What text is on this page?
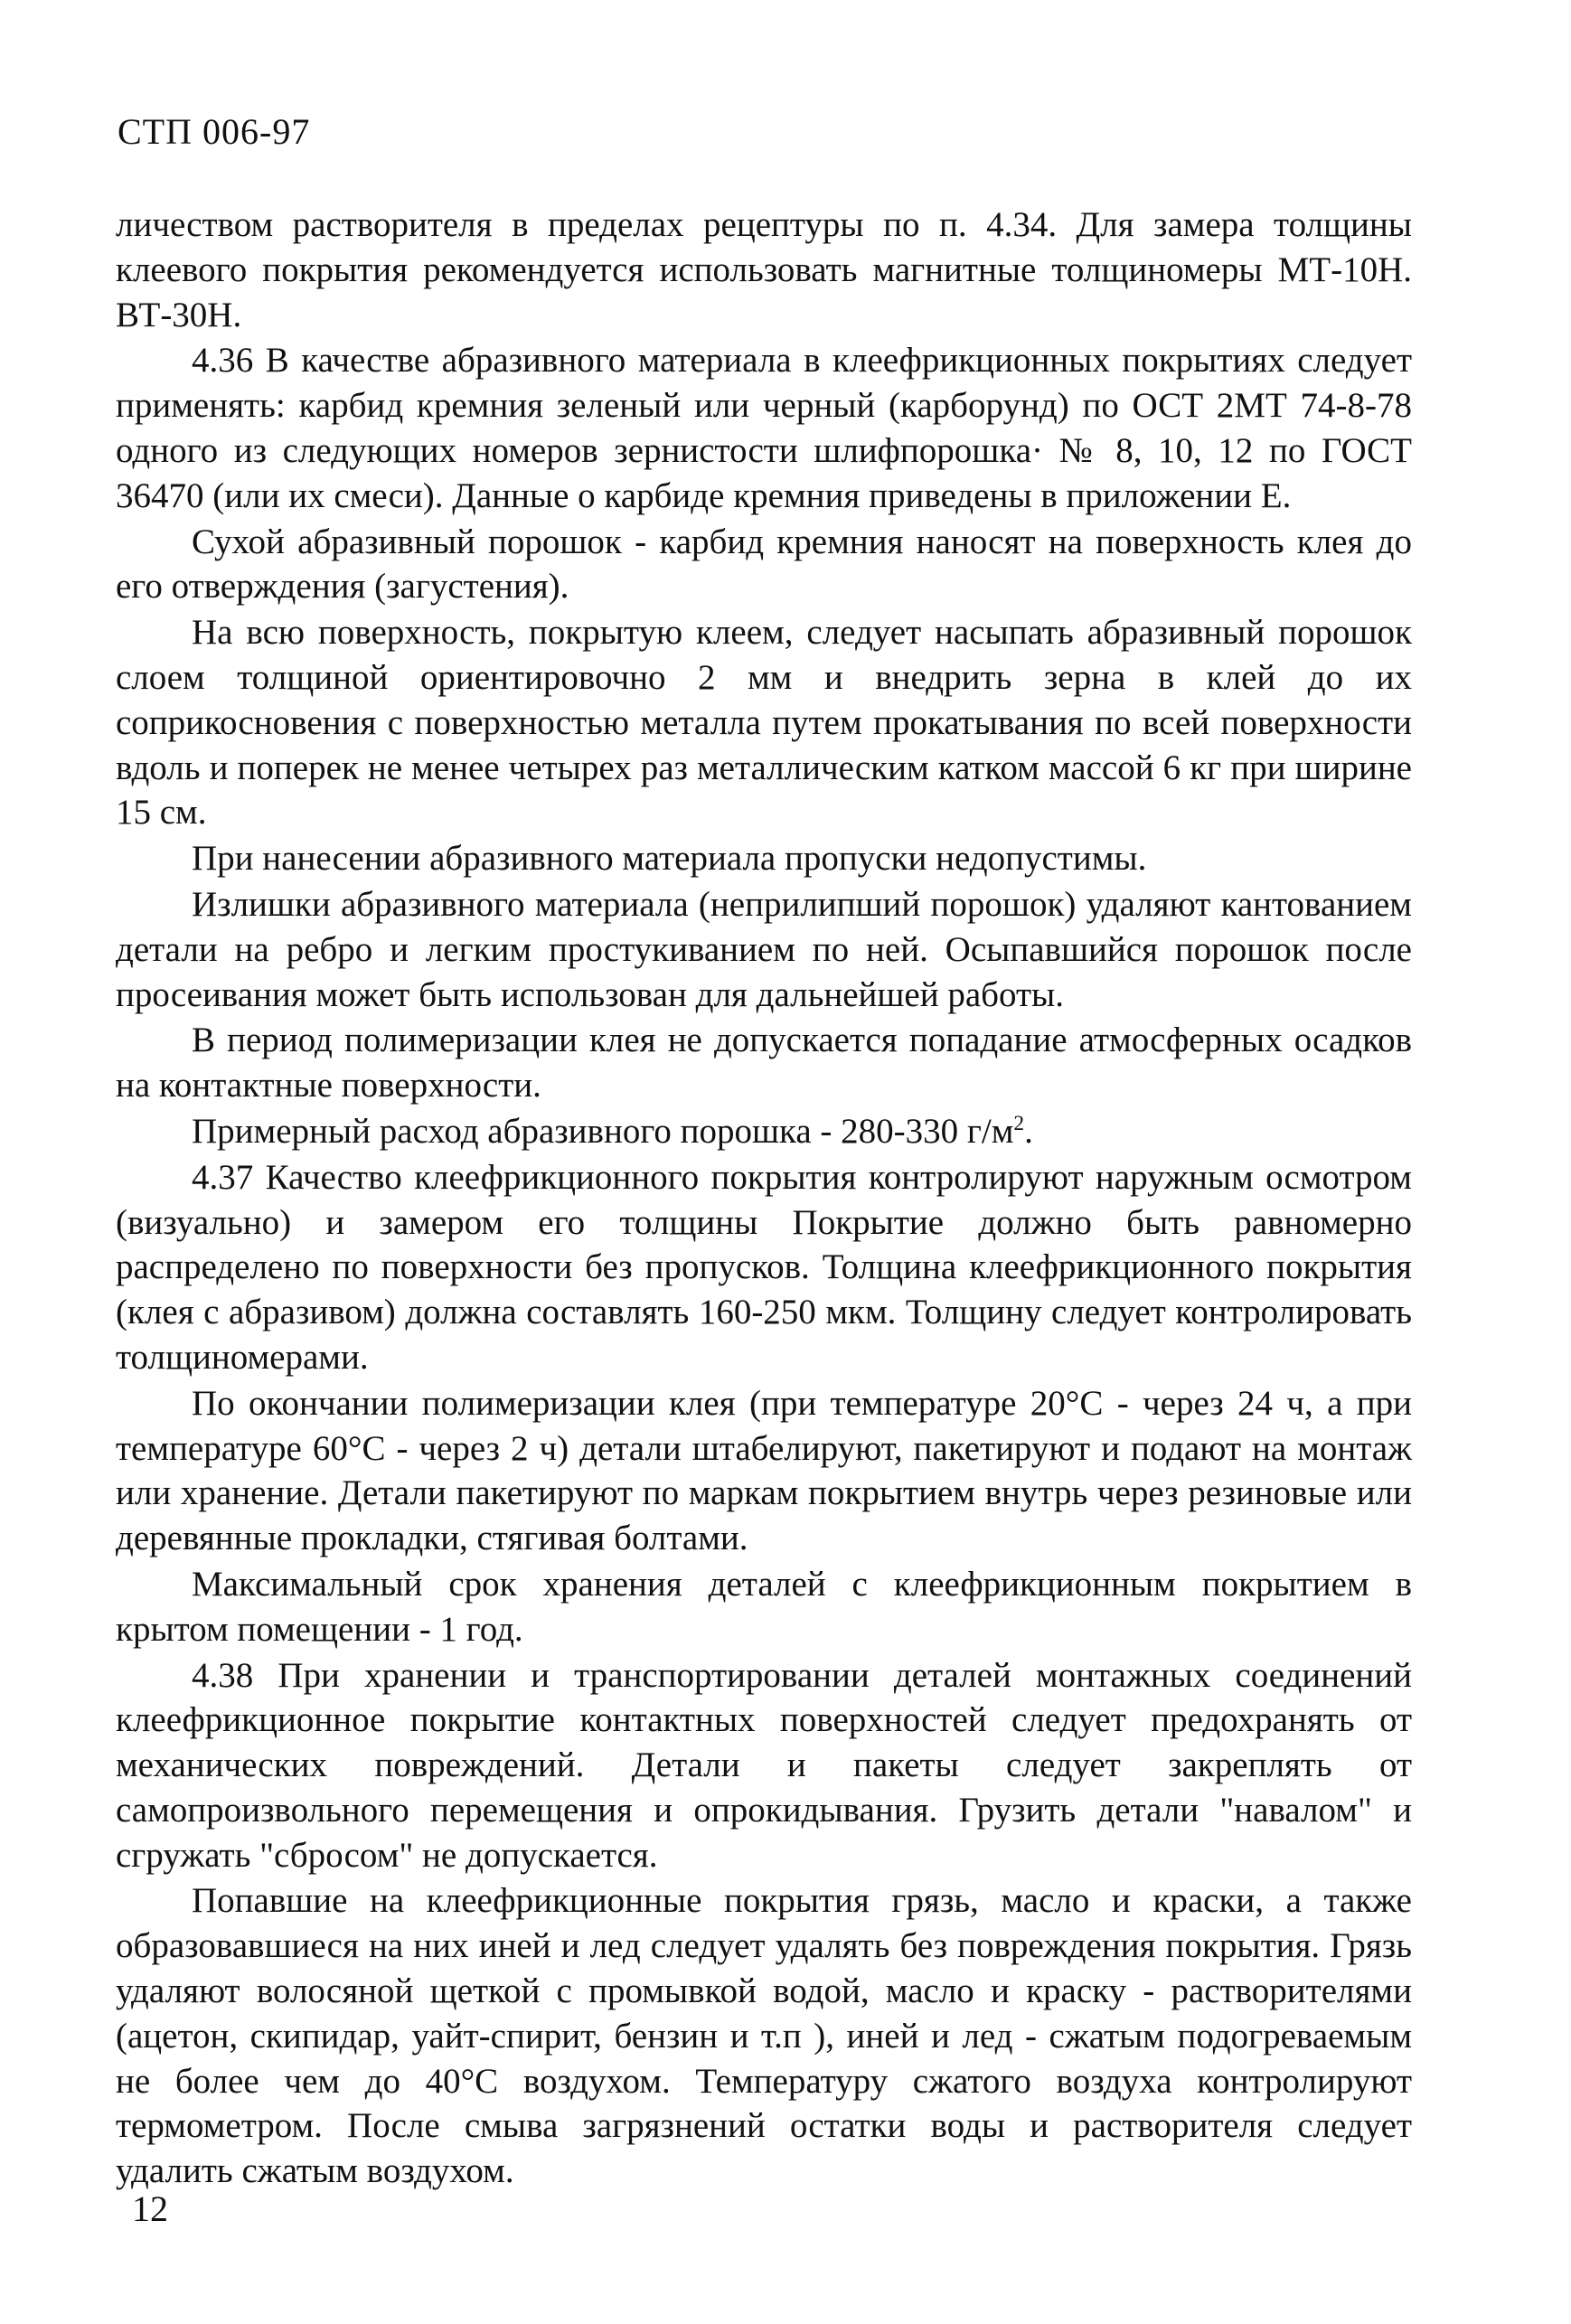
СТП 006-97

личеством растворителя в пределах рецептуры по п. 4.34. Для замера толщины клеевого покрытия рекомендуется использовать магнитные толщиномеры МТ-10Н. ВТ-30Н.

4.36 В качестве абразивного материала в клеефрикционных покрытиях следует применять: карбид кремния зеленый или черный (карборунд) по ОСТ 2МТ 74-8-78 одного из следующих номеров зернистости шлифпорошка· № 8, 10, 12 по ГОСТ 36470 (или их смеси). Данные о карбиде кремния приведены в приложении Е.

Сухой абразивный порошок - карбид кремния наносят на поверхность клея до его отверждения (загустения).

На всю поверхность, покрытую клеем, следует насыпать абразивный порошок слоем толщиной ориентировочно 2 мм и внедрить зерна в клей до их соприкосновения с поверхностью металла путем прокатывания по всей поверхности вдоль и поперек не менее четырех раз металлическим катком массой 6 кг при ширине 15 см.

При нанесении абразивного материала пропуски недопустимы.

Излишки абразивного материала (неприлипший порошок) удаляют кантованием детали на ребро и легким простукиванием по ней. Осыпавшийся порошок после просеивания может быть использован для дальнейшей работы.

В период полимеризации клея не допускается попадание атмосферных осадков на контактные поверхности.

Примерный расход абразивного порошка - 280-330 $г/м^2$.

4.37 Качество клеефрикционного покрытия контролируют наружным осмотром (визуально) и замером его толщины Покрытие должно быть равномерно распределено по поверхности без пропусков. Толщина клеефрикционного покрытия (клея с абразивом) должна составлять 160-250 мкм. Толщину следует контролировать толщиномерами.

По окончании полимеризации клея (при температуре 20°С - через 24 ч, а при температуре 60°С - через 2 ч) детали штабелируют, пакетируют и подают на монтаж или хранение. Детали пакетируют по маркам покрытием внутрь через резиновые или деревянные прокладки, стягивая болтами.

Максимальный срок хранения деталей с клеефрикционным покрытием в крытом помещении - 1 год.

4.38 При хранении и транспортировании деталей монтажных соединений клеефрикционное покрытие контактных поверхностей следует предохранять от механических повреждений. Детали и пакеты следует закреплять от самопроизвольного перемещения и опрокидывания. Грузить детали "навалом" и сгружать "сбросом" не допускается.

Попавшие на клеефрикционные покрытия грязь, масло и краски, а также образовавшиеся на них иней и лед следует удалять без повреждения покрытия. Грязь удаляют волосяной щеткой с промывкой водой, масло и краску - растворителями (ацетон, скипидар, уайт-спирит, бензин и т.п ), иней и лед - сжатым подогреваемым не более чем до 40°С воздухом. Температуру сжатого воздуха контролируют термометром. После смыва загрязнений остатки воды и растворителя следует удалить сжатым воздухом.

12
